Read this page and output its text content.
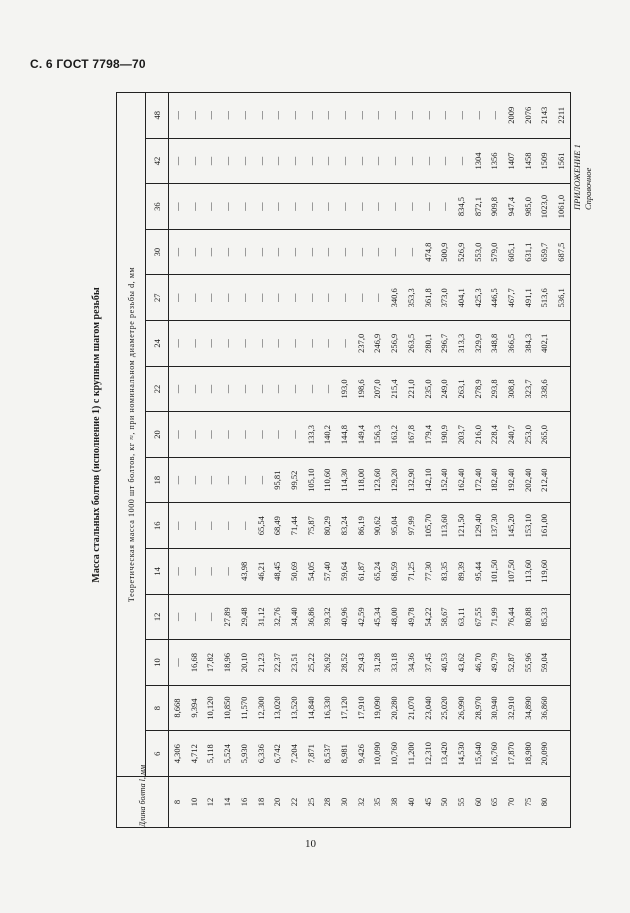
С. 6 ГОСТ 7798—70
ПРИЛОЖЕНИЕ 1 Справочное
Масса стальных болтов (исполнение 1) с крупным шагом резьбы
Длина болта l, мм	Теоретическая масса 1000 шт болтов, кг ≈, при номинальном диаметре резьбы d, мм														
	6	8	10	12	14	16	18	20	22	24	27	30	36	42	48
8	4,306	8,668	—	—	—	—	—	—	—	—	—	—	—	—	—
10	4,712	9,394	16,68	—	—	—	—	—	—	—	—	—	—	—	—
12	5,118	10,120	17,82	—	—	—	—	—	—	—	—	—	—	—	—
14	5,524	10,850	18,96	27,89	—	—	—	—	—	—	—	—	—	—	—
16	5,930	11,570	20,10	29,48	43,98	—	—	—	—	—	—	—	—	—	—
18	6,336	12,300	21,23	31,12	46,21	65,54	—	—	—	—	—	—	—	—	—
20	6,742	13,020	22,37	32,76	48,45	68,49	95,81	—	—	—	—	—	—	—	—
22	7,204	13,520	23,51	34,40	50,69	71,44	99,52	—	—	—	—	—	—	—	—
25	7,871	14,840	25,22	36,86	54,05	75,87	105,10	133,3	—	—	—	—	—	—	—
28	8,537	16,330	26,92	39,32	57,40	80,29	110,60	140,2	—	—	—	—	—	—	—
30	8,981	17,120	28,52	40,96	59,64	83,24	114,30	144,8	193,0	—	—	—	—	—	—
32	9,426	17,910	29,43	42,59	61,87	86,19	118,00	149,4	198,6	237,0	—	—	—	—	—
35	10,090	19,090	31,28	45,34	65,24	90,62	123,60	156,3	207,0	246,9	—	—	—	—	—
38	10,760	20,280	33,18	48,00	68,59	95,04	129,20	163,2	215,4	256,9	340,6	—	—	—	—
40	11,200	21,070	34,36	49,78	71,25	97,99	132,90	167,8	221,0	263,5	353,3	—	—	—	—
45	12,310	23,040	37,45	54,22	77,30	105,70	142,10	179,4	235,0	280,1	361,8	474,8	—	—	—
50	13,420	25,020	40,53	58,67	83,35	113,60	152,40	190,9	249,0	296,7	373,0	500,9	—	—	—
55	14,530	26,990	43,62	63,11	89,39	121,50	162,40	203,7	263,1	313,3	404,1	526,9	834,5	—	—
60	15,640	28,970	46,70	67,55	95,44	129,40	172,40	216,0	278,9	329,9	425,3	553,0	872,1	1304	—
65	16,760	30,940	49,79	71,99	101,50	137,30	182,40	228,4	293,8	348,8	446,5	579,0	909,8	1356	—
70	17,870	32,910	52,87	76,44	107,50	145,20	192,40	240,7	308,8	366,5	467,7	605,1	947,4	1407	2009
75	18,980	34,890	55,96	80,88	113,60	153,10	202,40	253,0	323,7	384,3	491,1	631,1	985,0	1458	2076
80	20,090	36,860	59,04	85,33	119,60	161,00	212,40	265,0	338,6	402,1	513,6	659,7	1023,0	1509	2143
											536,1	687,5	1061,0	1561	2211
10
